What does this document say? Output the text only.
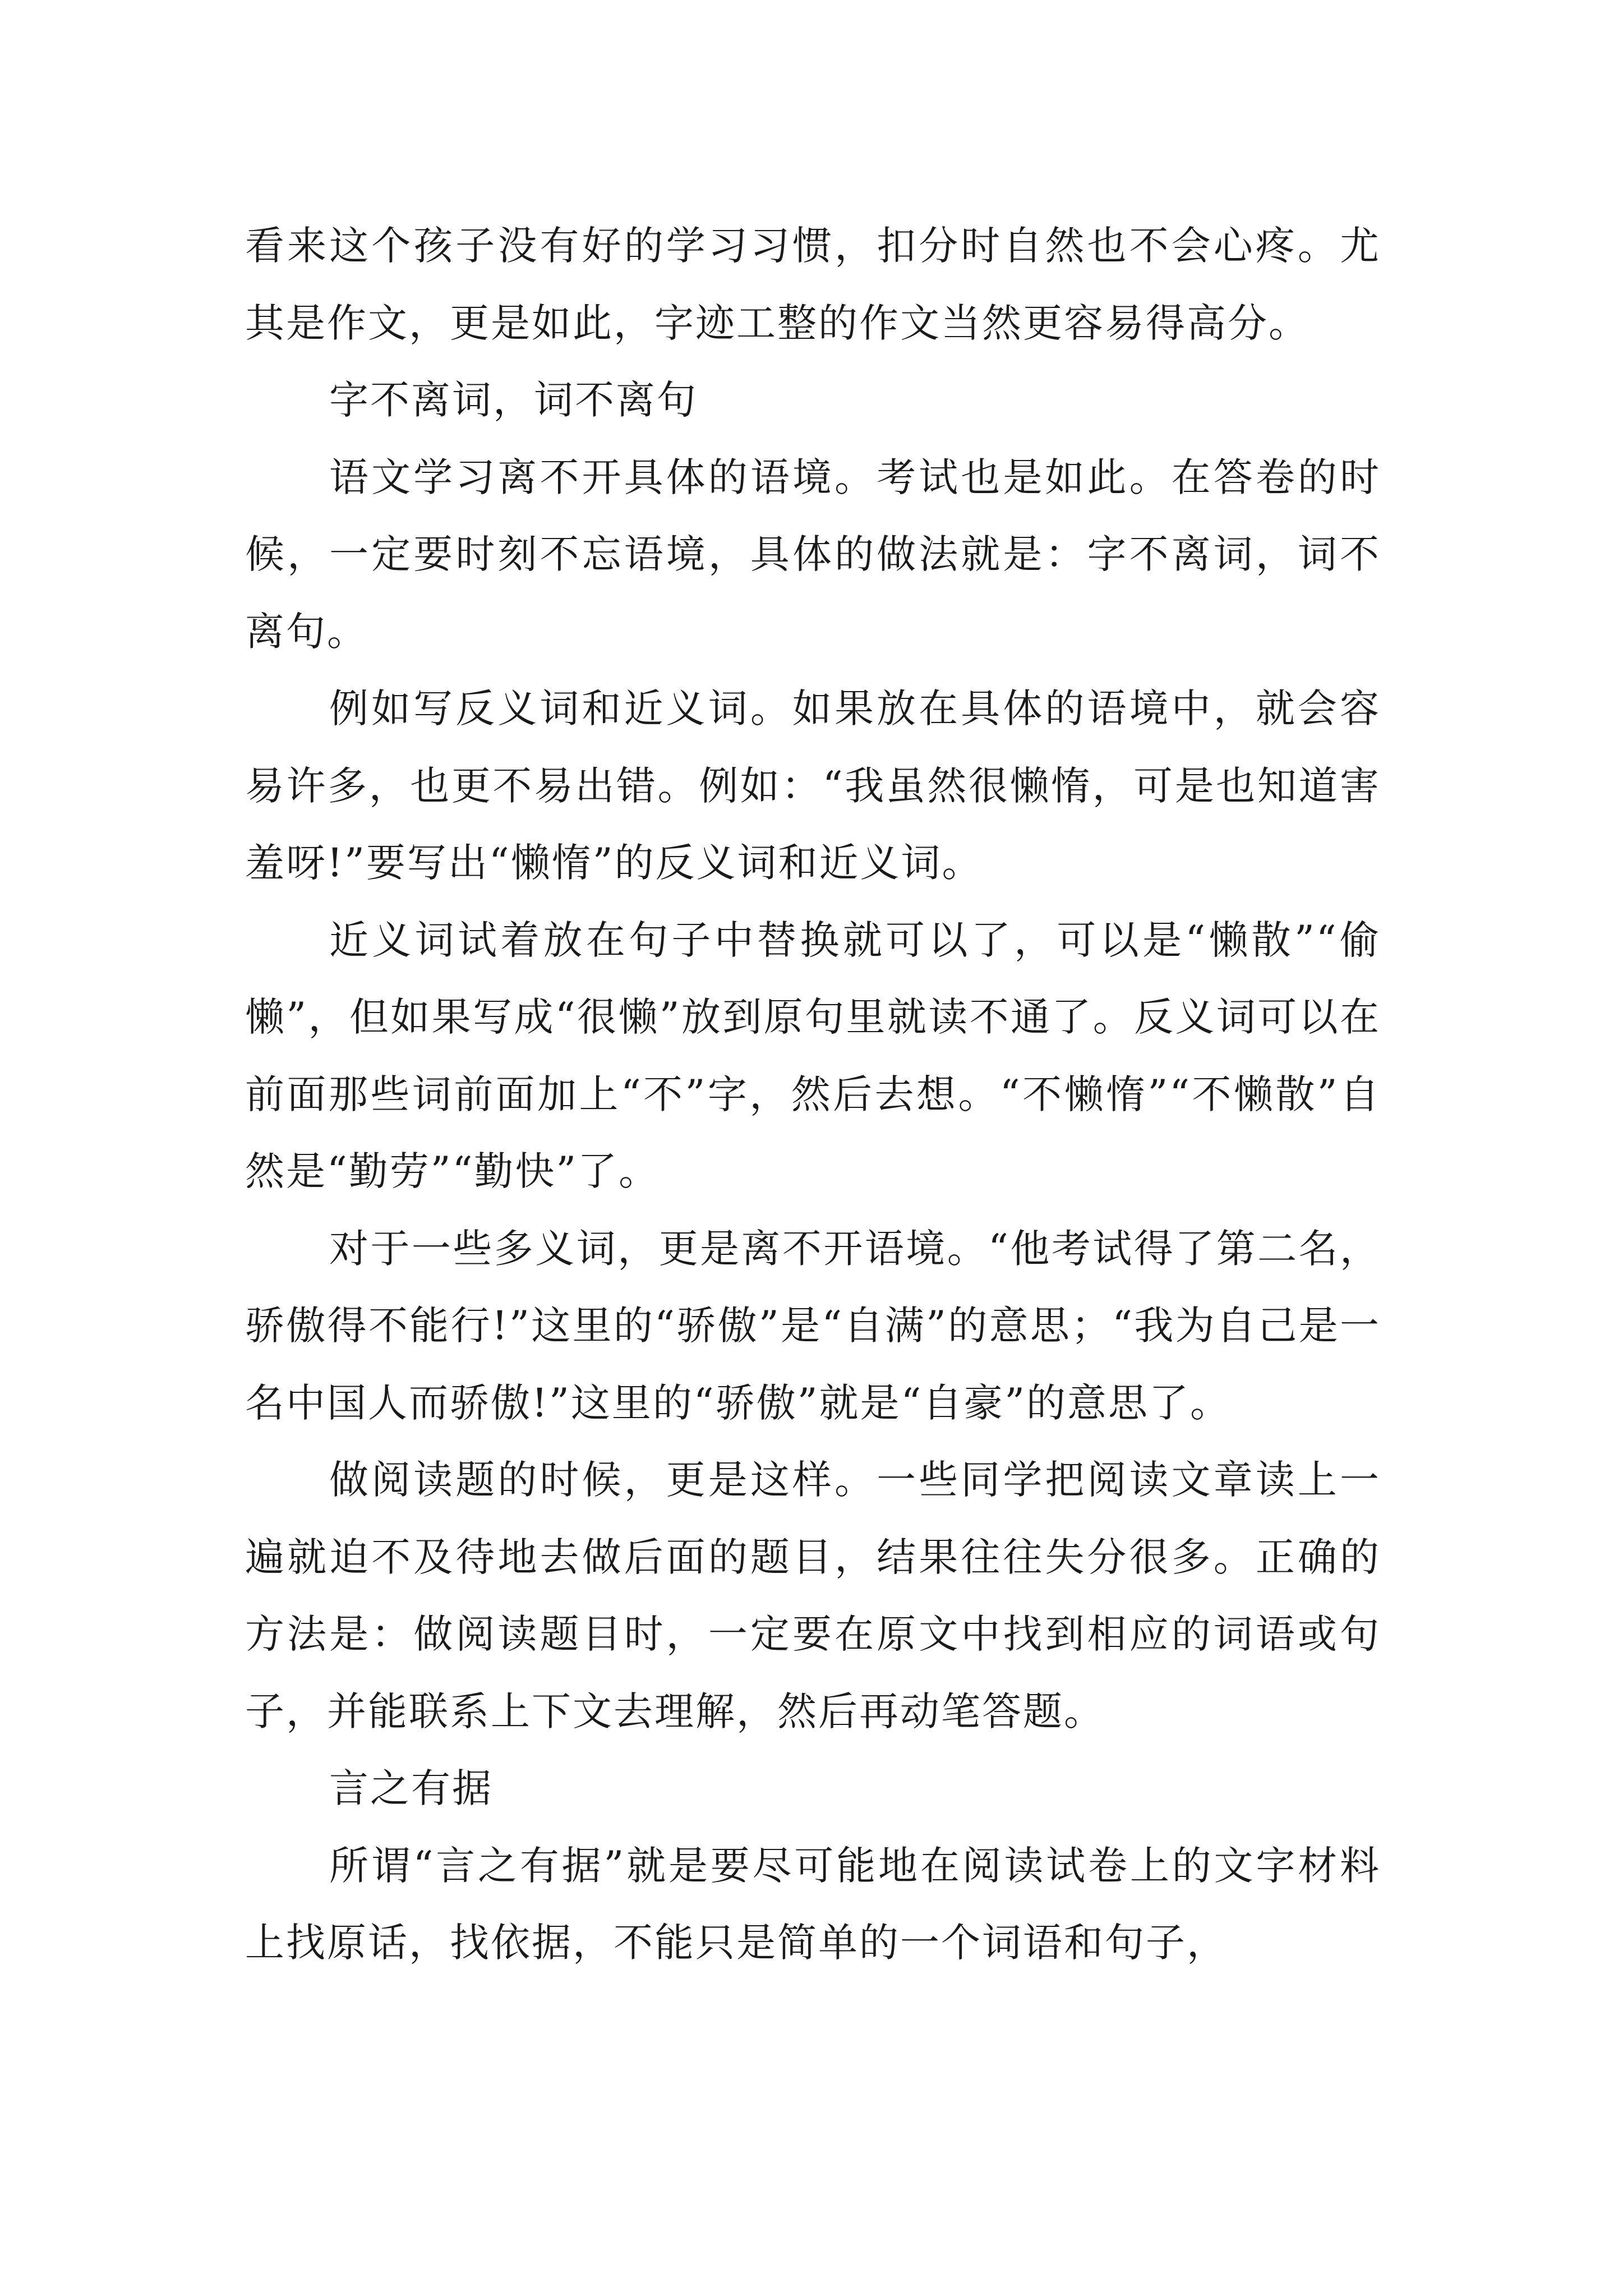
看来这个孩子没有好的学习习惯，扣分时自然也不会心疼。尤其是作文，更是如此，字迹工整的作文当然更容易得高分。

字不离词，词不离句

语文学习离不开具体的语境。考试也是如此。在答卷的时候，一定要时刻不忘语境，具体的做法就是：字不离词，词不离句。

例如写反义词和近义词。如果放在具体的语境中，就会容易许多，也更不易出错。例如：“我虽然很懒惰，可是也知道害羞呀!”要写出“懒惰”的反义词和近义词。

近义词试着放在句子中替换就可以了，可以是“懒散”“偷懒”，但如果写成“很懒”放到原句里就读不通了。反义词可以在前面那些词前面加上“不”字，然后去想。“不懒惰”“不懒散”自然是“勤劳”“勤快”了。

对于一些多义词，更是离不开语境。“他考试得了第二名，骄傲得不能行!”这里的“骄傲”是“自满”的意思；“我为自己是一名中国人而骄傲!”这里的“骄傲”就是“自豪”的意思了。

做阅读题的时候，更是这样。一些同学把阅读文章读上一遍就迫不及待地去做后面的题目，结果往往失分很多。正确的方法是：做阅读题目时，一定要在原文中找到相应的词语或句子，并能联系上下文去理解，然后再动笔答题。

言之有据

所谓“言之有据”就是要尽可能地在阅读试卷上的文字材料上找原话，找依据，不能只是简单的一个词语和句子，
